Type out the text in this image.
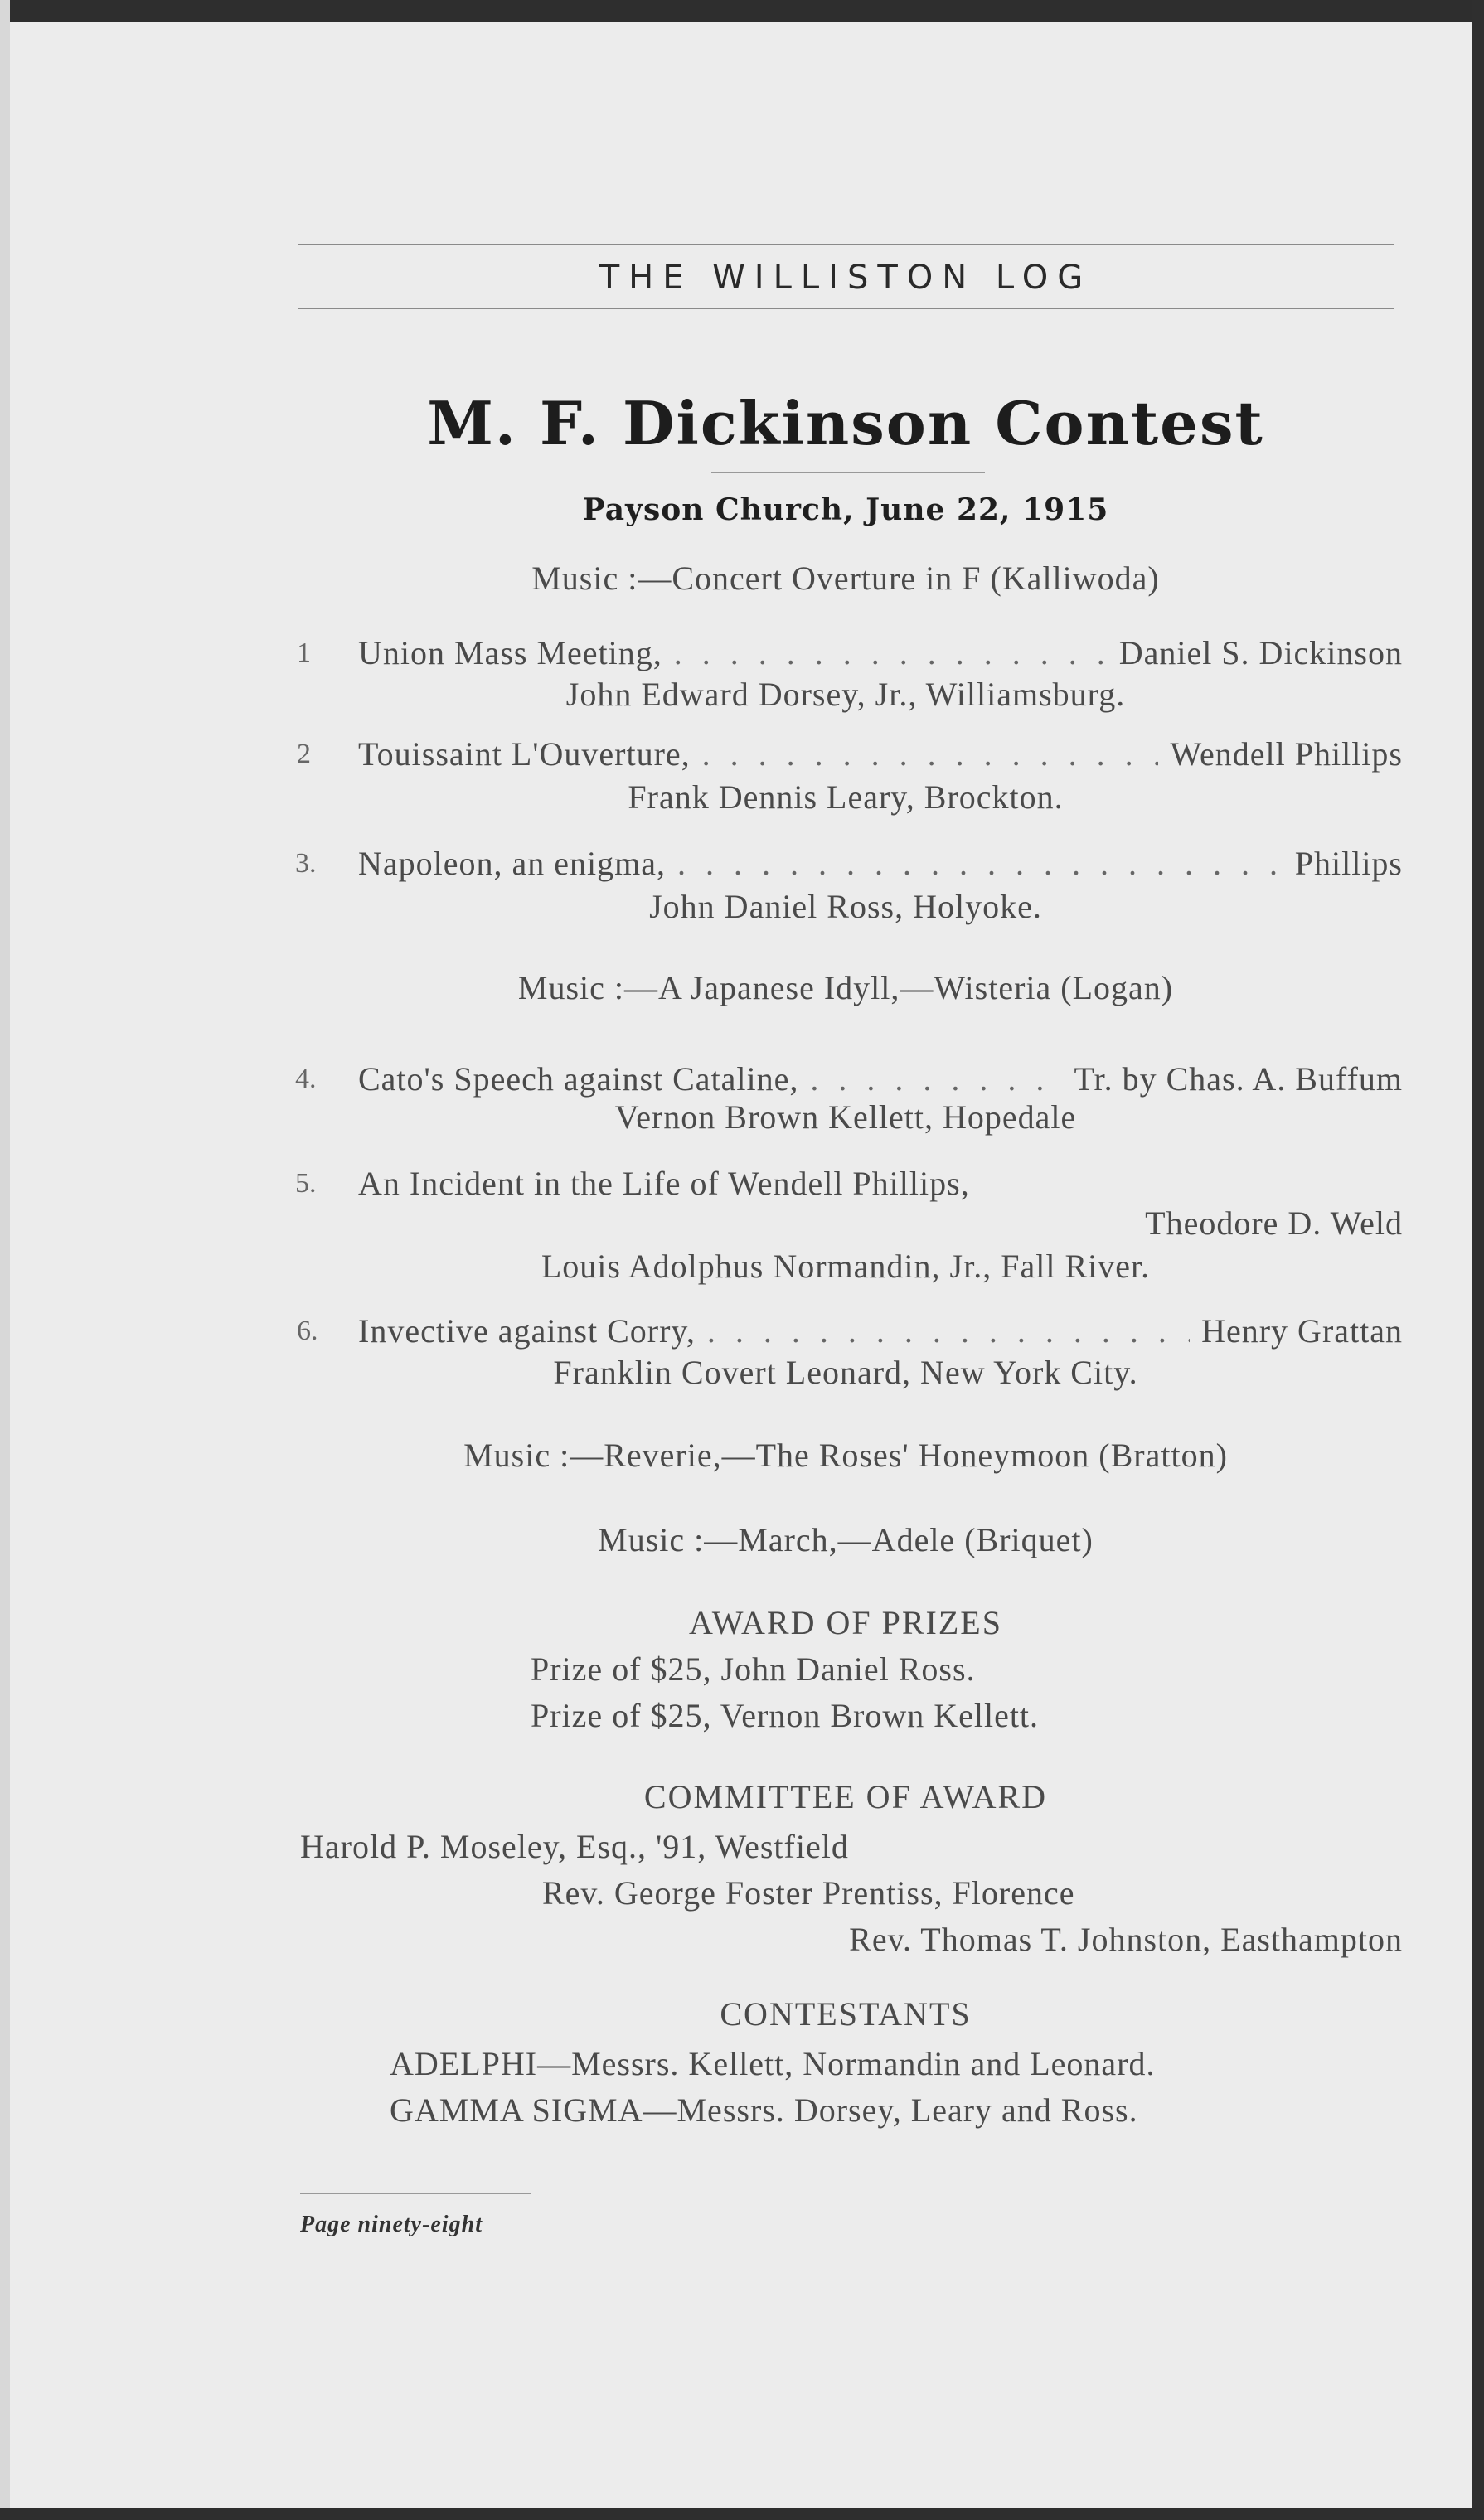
THE WILLISTON LOG
M. F. Dickinson Contest
Payson Church, June 22, 1915
Music :—Concert Overture in F (Kalliwoda)
1	Union Mass Meeting, . . .	Daniel S. Dickinson
John Edward Dorsey, Jr., Williamsburg.
2	Touissaint L'Ouverture, . . .	Wendell Phillips
Frank Dennis Leary, Brockton.
3.	Napoleon, an enigma, . . .	Phillips
John Daniel Ross, Holyoke.
Music :—A Japanese Idyll,—Wisteria (Logan)
4.	Cato's Speech against Cataline, . . .	Tr. by Chas. A. Buffum
Vernon Brown Kellett, Hopedale
5.	An Incident in the Life of Wendell Phillips,
Theodore D. Weld
Louis Adolphus Normandin, Jr., Fall River.
6.	Invective against Corry, . . .	Henry Grattan
Franklin Covert Leonard, New York City.
Music :—Reverie,—The Roses' Honeymoon (Bratton)
Music :—March,—Adele (Briquet)
AWARD OF PRIZES
Prize of $25, John Daniel Ross.
Prize of $25, Vernon Brown Kellett.
COMMITTEE OF AWARD
Harold P. Moseley, Esq., '91, Westfield
Rev. George Foster Prentiss, Florence
Rev. Thomas T. Johnston, Easthampton
CONTESTANTS
ADELPHI—Messrs. Kellett, Normandin and Leonard.
GAMMA SIGMA—Messrs. Dorsey, Leary and Ross.
Page ninety-eight
